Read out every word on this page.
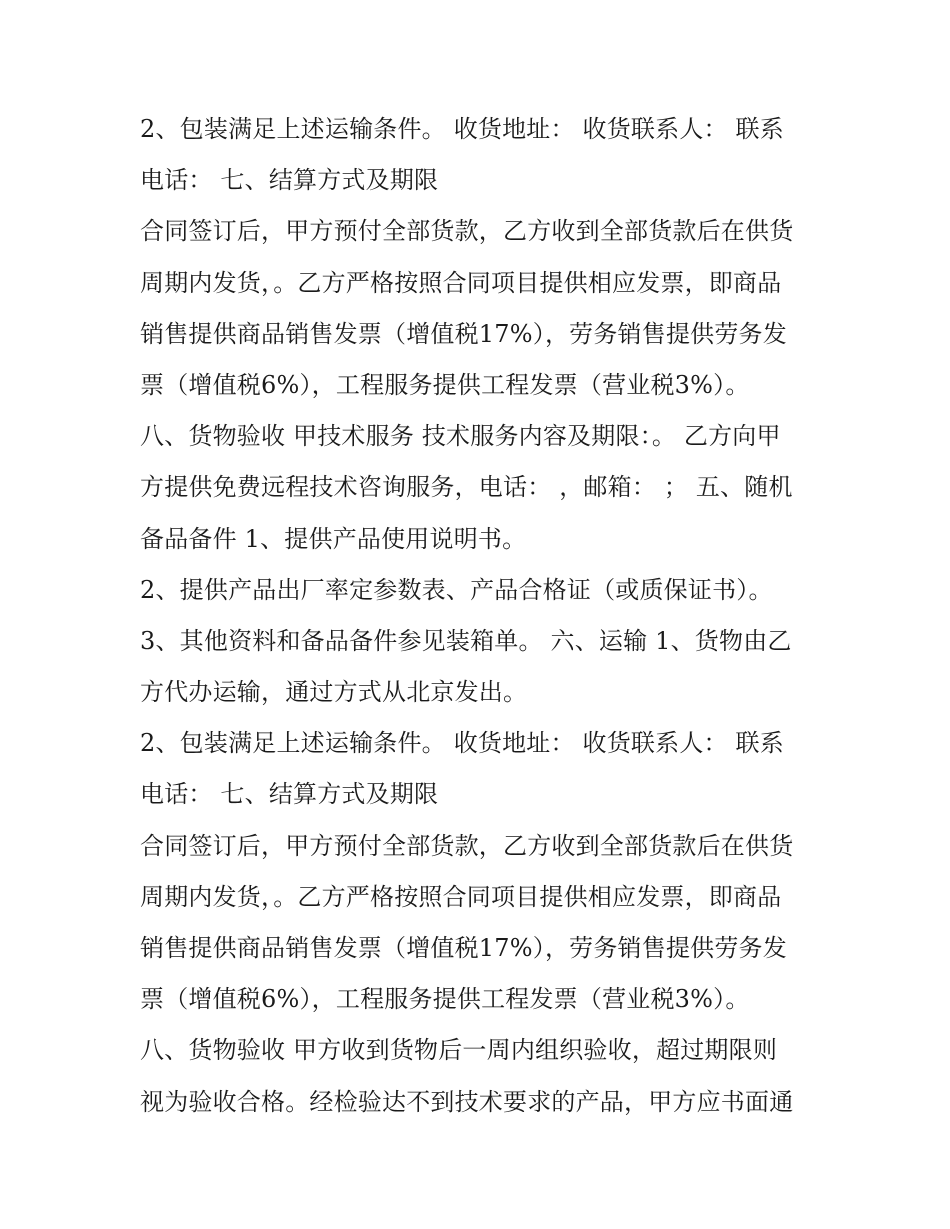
2、包装满足上述运输条件。 收货地址： 收货联系人： 联系
电话： 七、结算方式及期限
合同签订后，甲方预付全部货款，乙方收到全部货款后在供货
周期内发货，。乙方严格按照合同项目提供相应发票，即商品
销售提供商品销售发票（增值税17%），劳务销售提供劳务发
票（增值税6%），工程服务提供工程发票（营业税3%）。
八、货物验收 甲技术服务 技术服务内容及期限：。 乙方向甲
方提供免费远程技术咨询服务，电话： ，邮箱： ； 五、随机
备品备件 1、提供产品使用说明书。
2、提供产品出厂率定参数表、产品合格证（或质保证书）。
3、其他资料和备品备件参见装箱单。 六、运输 1、货物由乙
方代办运输，通过方式从北京发出。
2、包装满足上述运输条件。 收货地址： 收货联系人： 联系
电话： 七、结算方式及期限
合同签订后，甲方预付全部货款，乙方收到全部货款后在供货
周期内发货，。乙方严格按照合同项目提供相应发票，即商品
销售提供商品销售发票（增值税17%），劳务销售提供劳务发
票（增值税6%），工程服务提供工程发票（营业税3%）。
八、货物验收 甲方收到货物后一周内组织验收，超过期限则
视为验收合格。经检验达不到技术要求的产品，甲方应书面通
